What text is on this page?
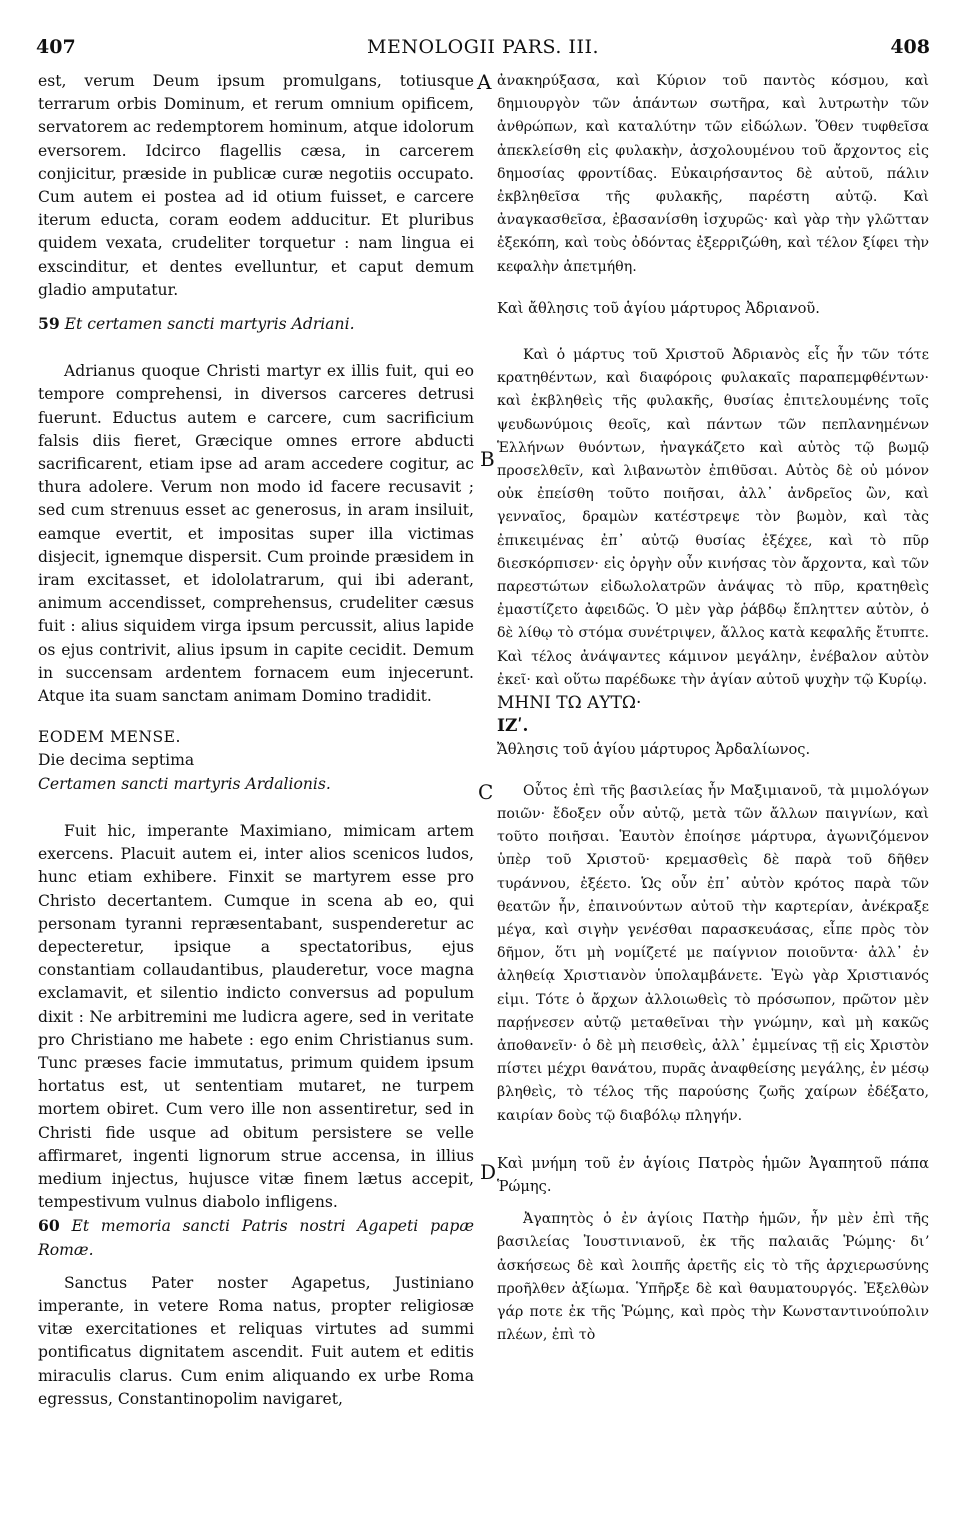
407	MENOLOGII PARS. III.	408
A
B
C
D

est, verum Deum ipsum promulgans, totiusque terrarum orbis Dominum, et rerum omnium opificem, servatorem ac redemptorem hominum, atque idolorum eversorem. Idcirco flagellis cæsa, in carcerem conjicitur, præside in publicæ curæ negotiis occupato. Cum autem ei postea ad id otium fuisset, e carcere iterum educta, coram eodem adducitur. Et pluribus quidem vexata, crudeliter torquetur : nam lingua ei exscinditur, et dentes evelluntur, et caput demum gladio amputatur.

59 Et certamen sancti martyris Adriani.

Adrianus quoque Christi martyr ex illis fuit, qui eo tempore comprehensi, in diversos carceres detrusi fuerunt. Eductus autem e carcere, cum sacrificium falsis diis fieret, Græcique omnes errore abducti sacrificarent, etiam ipse ad aram accedere cogitur, ac thura adolere. Verum non modo id facere recusavit ; sed cum strenuus esset ac generosus, in aram insiluit, eamque evertit, et impositas super illa victimas disjecit, ignemque dispersit. Cum proinde præsidem in iram excitasset, et idololatrarum, qui ibi aderant, animum accendisset, comprehensus, crudeliter cæsus fuit : alius siquidem virga ipsum percussit, alius lapide os ejus contrivit, alius ipsum in capite cecidit. Demum in succensam ardentem fornacem eum injecerunt. Atque ita suam sanctam animam Domino tradidit.

EODEM MENSE.

Die decima septima

Certamen sancti martyris Ardalionis.

Fuit hic, imperante Maximiano, mimicam artem exercens. Placuit autem ei, inter alios scenicos ludos, hunc etiam exhibere. Finxit se martyrem esse pro Christo decertantem. Cumque in scena ab eo, qui personam tyranni repræsentabant, suspenderetur ac depecteretur, ipsique a spectatoribus, ejus constantiam collaudantibus, plauderetur, voce magna exclamavit, et silentio indicto conversus ad populum dixit : Ne arbitremini me ludicra agere, sed in veritate pro Christiano me habete : ego enim Christianus sum. Tunc præses facie immutatus, primum quidem ipsum hortatus est, ut sententiam mutaret, ne turpem mortem obiret. Cum vero ille non assentiretur, sed in Christi fide usque ad obitum persistere se velle affirmaret, ingenti lignorum strue accensa, in illius medium injectus, hujusce vitæ finem lætus accepit, tempestivum vulnus diabolo infligens.

60 Et memoria sancti Patris nostri Agapeti papæ Romæ.

Sanctus Pater noster Agapetus, Justiniano imperante, in vetere Roma natus, propter religiosæ vitæ exercitationes et reliquas virtutes ad summi pontificatus dignitatem ascendit. Fuit autem et editis miraculis clarus. Cum enim aliquando ex urbe Roma egressus, Constantinopolim navigaret,

ἀνακηρύξασα, καὶ Κύριον τοῦ παντὸς κόσμου, καὶ δημιουργὸν τῶν ἁπάντων σωτῆρα, καὶ λυτρωτὴν τῶν ἀνθρώπων, καὶ καταλύτην τῶν εἰδώλων. Ὅθεν τυφθεῖσα ἀπεκλείσθη εἰς φυλακὴν, ἀσχολουμένου τοῦ ἄρχοντος εἰς δημοσίας φροντίδας. Εὐκαιρήσαντος δὲ αὐτοῦ, πάλιν ἐκβληθεῖσα τῆς φυλακῆς, παρέστη αὐτῷ. Καὶ ἀναγκασθεῖσα, ἐβασανίσθη ἰσχυρῶς· καὶ γὰρ τὴν γλῶτταν ἐξεκόπη, καὶ τοὺς ὀδόντας ἐξερριζώθη, καὶ τέλον ξίφει τὴν κεφαλὴν ἀπετμήθη.

Καὶ ἄθλησις τοῦ ἁγίου μάρτυρος Ἀδριανοῦ.

Καὶ ὁ μάρτυς τοῦ Χριστοῦ Ἀδριανὸς εἷς ἦν τῶν τότε κρατηθέντων, καὶ διαφόροις φυλακαῖς παραπεμφθέντων· καὶ ἐκβληθεὶς τῆς φυλακῆς, θυσίας ἐπιτελουμένης τοῖς ψευδωνύμοις θεοῖς, καὶ πάντων τῶν πεπλανημένων Ἑλλήνων θυόντων, ἠναγκάζετο καὶ αὐτὸς τῷ βωμῷ προσελθεῖν, καὶ λιβανωτὸν ἐπιθῦσαι. Αὐτὸς δὲ οὐ μόνον οὐκ ἐπείσθη τοῦτο ποιῆσαι, ἀλλ᾽ ἀνδρεῖος ὢν, καὶ γενναῖος, δραμὼν κατέστρεψε τὸν βωμὸν, καὶ τὰς ἐπικειμένας ἐπ᾽ αὐτῷ θυσίας ἐξέχεε, καὶ τὸ πῦρ διεσκόρπισεν· εἰς ὀργὴν οὖν κινήσας τὸν ἄρχοντα, καὶ τῶν παρεστώτων εἰδωλολατρῶν ἀνάψας τὸ πῦρ, κρατηθεὶς ἐμαστίζετο ἀφειδῶς. Ὁ μὲν γὰρ ῥάβδῳ ἔπληττεν αὐτὸν, ὁ δὲ λίθῳ τὸ στόμα συνέτριψεν, ἄλλος κατὰ κεφαλῆς ἔτυπτε. Καὶ τέλος ἀνάψαντες κάμινον μεγάλην, ἐνέβαλον αὐτὸν ἐκεῖ· καὶ οὕτω παρέδωκε τὴν ἁγίαν αὐτοῦ ψυχὴν τῷ Κυρίῳ.

ΜΗΝΙ ΤΩ ΑΥΤΩ·

ΙΖʹ.

Ἄθλησις τοῦ ἁγίου μάρτυρος Ἀρδαλίωνος.

Οὗτος ἐπὶ τῆς βασιλείας ἦν Μαξιμιανοῦ, τὰ μιμολόγων ποιῶν· ἔδοξεν οὖν αὐτῷ, μετὰ τῶν ἄλλων παιγνίων, καὶ τοῦτο ποιῆσαι. Ἑαυτὸν ἐποίησε μάρτυρα, ἀγωνιζόμενον ὑπὲρ τοῦ Χριστοῦ· κρεμασθεὶς δὲ παρὰ τοῦ δῆθεν τυράννου, ἐξέετο. Ὡς οὖν ἐπ᾽ αὐτὸν κρότος παρὰ τῶν θεατῶν ἦν, ἐπαινούντων αὐτοῦ τὴν καρτερίαν, ἀνέκραξε μέγα, καὶ σιγὴν γενέσθαι παρασκευάσας, εἶπε πρὸς τὸν δῆμον, ὅτι μὴ νομίζετέ με παίγνιον ποιοῦντα· ἀλλ᾽ ἐν ἀληθείᾳ Χριστιανὸν ὑπολαμβάνετε. Ἐγὼ γὰρ Χριστιανός εἰμι. Τότε ὁ ἄρχων ἀλλοιωθεὶς τὸ πρόσωπον, πρῶτον μὲν παρῄνεσεν αὐτῷ μεταθεῖναι τὴν γνώμην, καὶ μὴ κακῶς ἀποθανεῖν· ὁ δὲ μὴ πεισθεὶς, ἀλλ᾽ ἐμμείνας τῇ εἰς Χριστὸν πίστει μέχρι θανάτου, πυρᾶς ἀναφθείσης μεγάλης, ἐν μέσῳ βληθεὶς, τὸ τέλος τῆς παρούσης ζωῆς χαίρων ἐδέξατο, καιρίαν δοὺς τῷ διαβόλῳ πληγήν.

Καὶ μνήμη τοῦ ἐν ἁγίοις Πατρὸς ἡμῶν Ἀγαπητοῦ πάπα Ῥώμης.

Ἀγαπητὸς ὁ ἐν ἁγίοις Πατὴρ ἡμῶν, ἦν μὲν ἐπὶ τῆς βασιλείας Ἰουστινιανοῦ, ἐκ τῆς παλαιᾶς Ῥώμης· διʼ ἀσκήσεως δὲ καὶ λοιπῆς ἀρετῆς εἰς τὸ τῆς ἀρχιερωσύνης προῆλθεν ἀξίωμα. Ὑπῆρξε δὲ καὶ θαυματουργός. Ἐξελθὼν γάρ ποτε ἐκ τῆς Ῥώμης, καὶ πρὸς τὴν Κωνσταντινούπολιν πλέων, ἐπὶ τὸ
